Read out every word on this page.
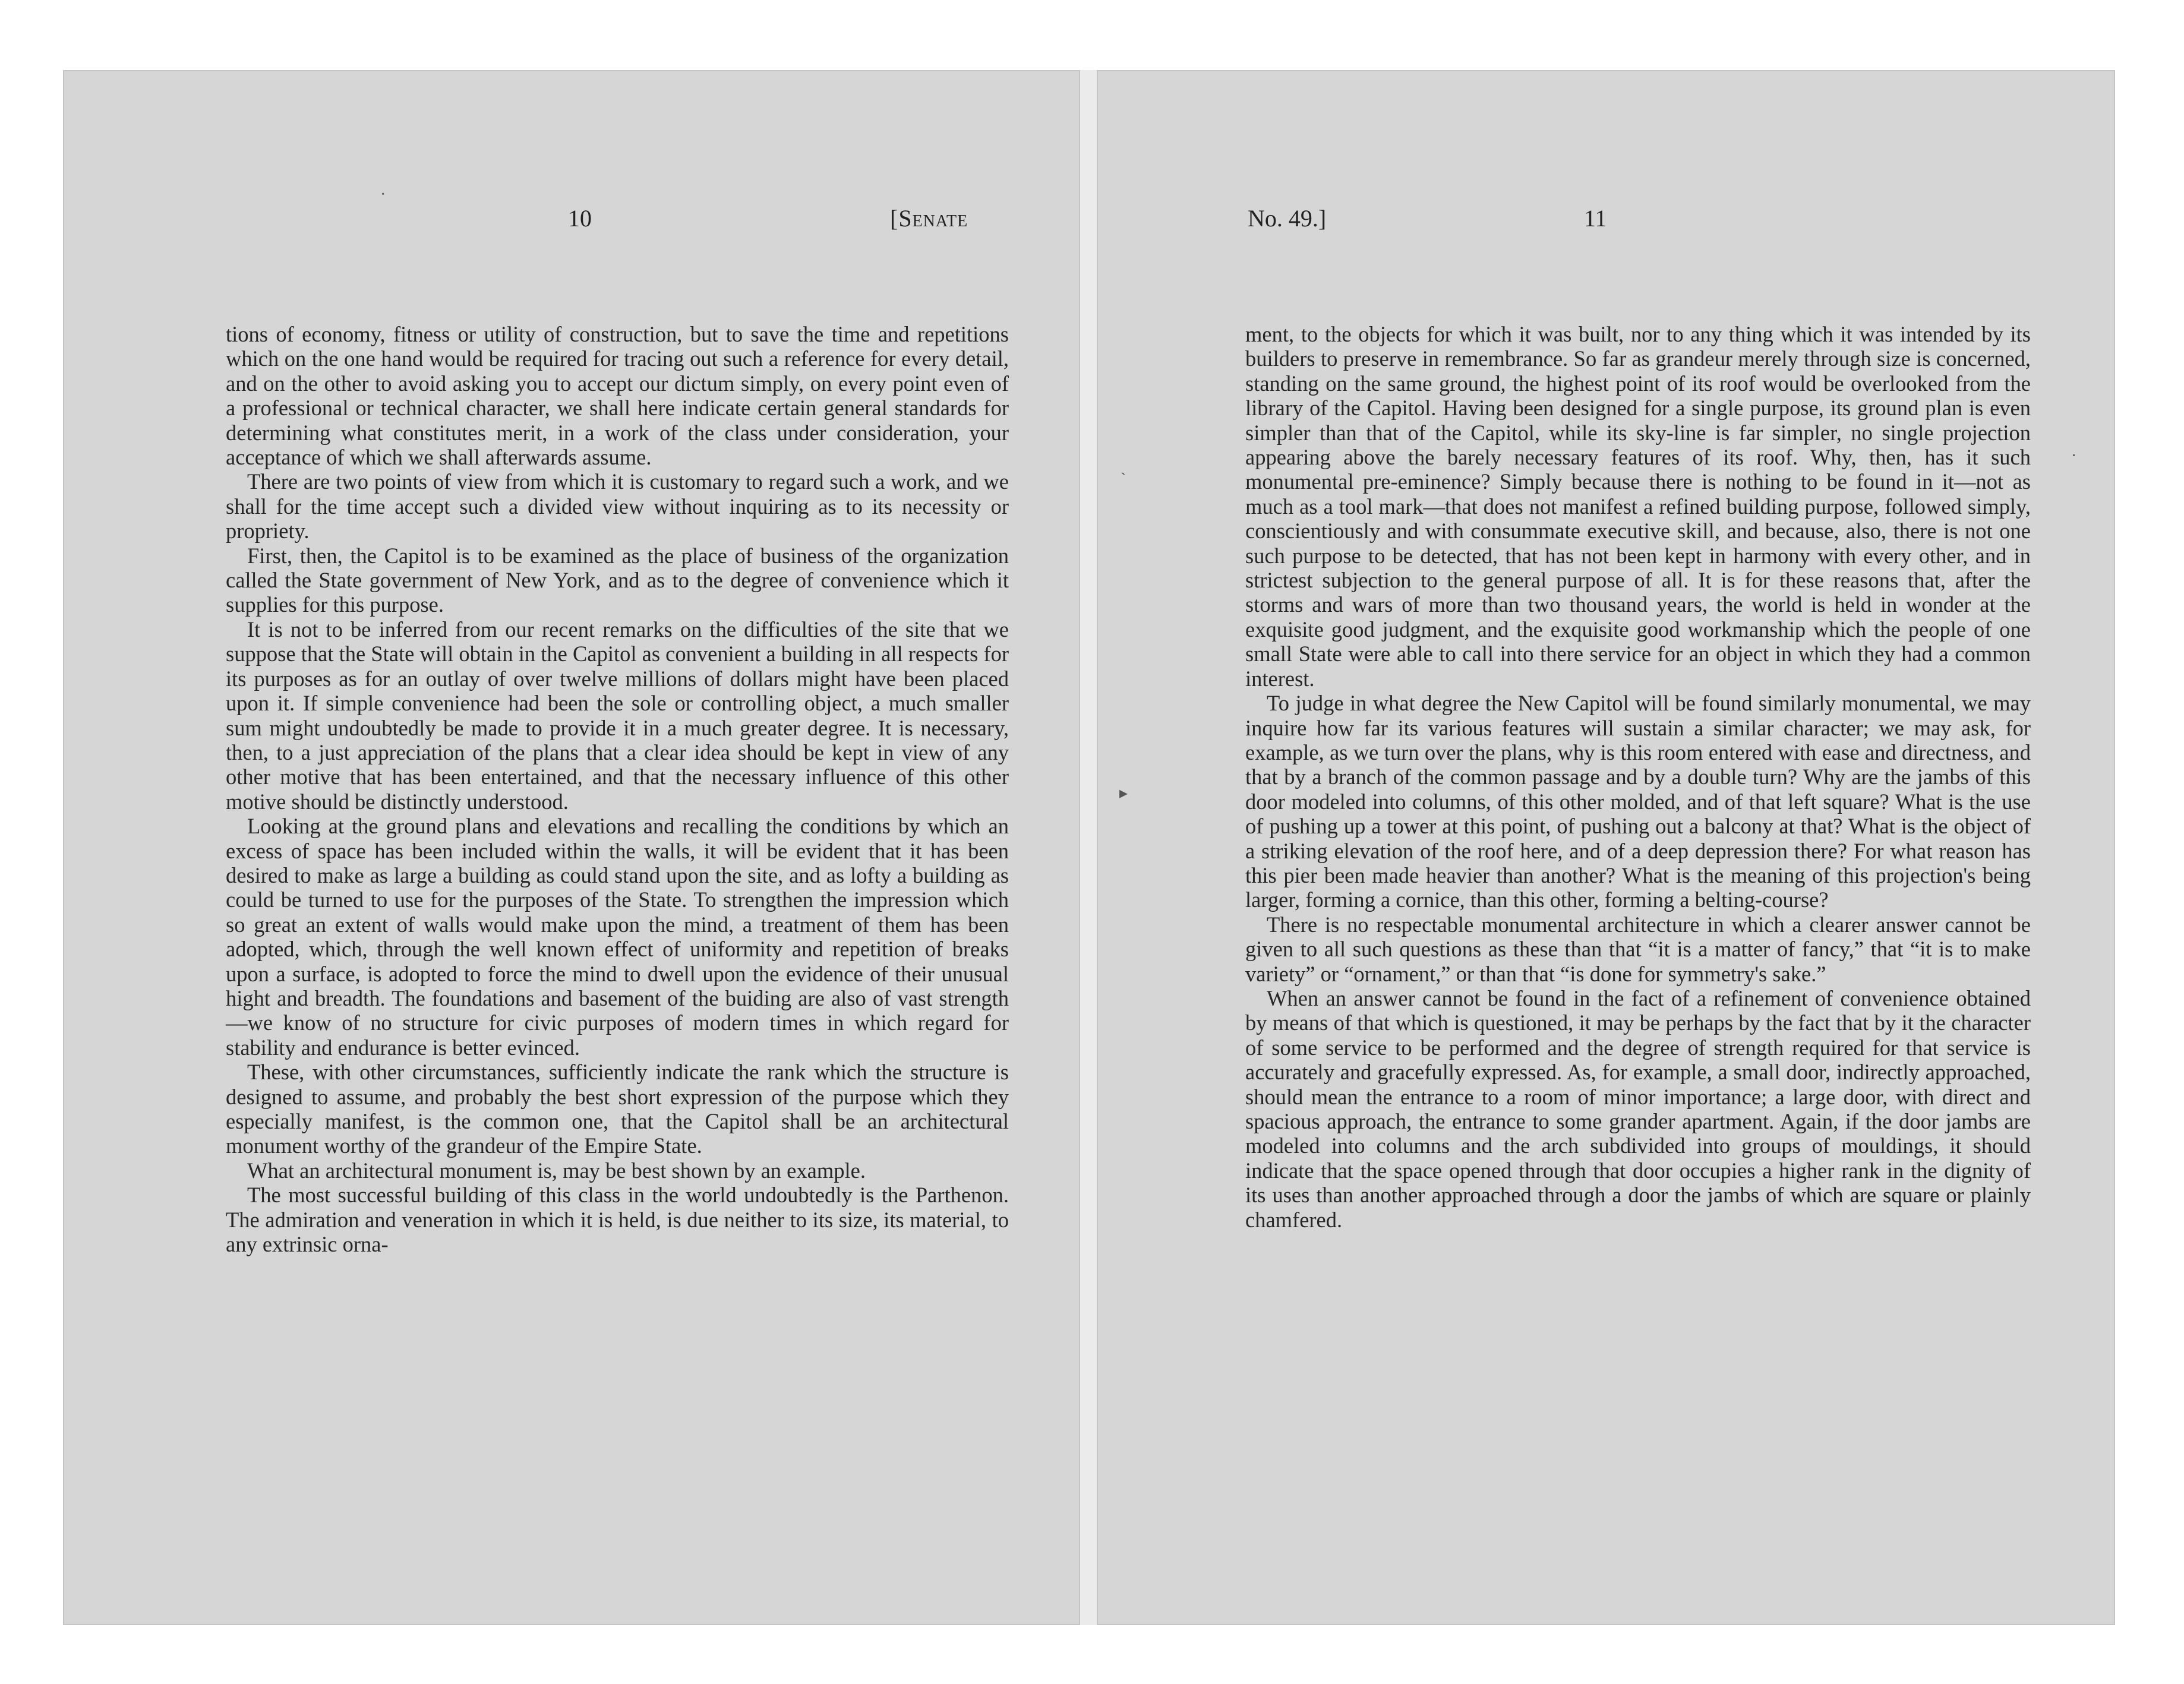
10	[Senate

tions of economy, fitness or utility of construction, but to save the time and repetitions which on the one hand would be required for tracing out such a reference for every detail, and on the other to avoid asking you to accept our dictum simply, on every point even of a professional or technical character, we shall here indicate certain general standards for determining what constitutes merit, in a work of the class under consideration, your acceptance of which we shall afterwards assume.

There are two points of view from which it is customary to regard such a work, and we shall for the time accept such a divided view without inquiring as to its necessity or propriety.

First, then, the Capitol is to be examined as the place of business of the organization called the State government of New York, and as to the degree of convenience which it supplies for this purpose.

It is not to be inferred from our recent remarks on the difficulties of the site that we suppose that the State will obtain in the Capitol as convenient a building in all respects for its purposes as for an outlay of over twelve millions of dollars might have been placed upon it. If simple convenience had been the sole or controlling object, a much smaller sum might undoubtedly be made to provide it in a much greater degree. It is necessary, then, to a just appreciation of the plans that a clear idea should be kept in view of any other motive that has been entertained, and that the necessary influence of this other motive should be distinctly understood.

Looking at the ground plans and elevations and recalling the conditions by which an excess of space has been included within the walls, it will be evident that it has been desired to make as large a building as could stand upon the site, and as lofty a building as could be turned to use for the purposes of the State. To strengthen the impression which so great an extent of walls would make upon the mind, a treatment of them has been adopted, which, through the well known effect of uniformity and repetition of breaks upon a surface, is adopted to force the mind to dwell upon the evidence of their unusual hight and breadth. The foundations and basement of the buiding are also of vast strength—we know of no structure for civic purposes of modern times in which regard for stability and endurance is better evinced.

These, with other circumstances, sufficiently indicate the rank which the structure is designed to assume, and probably the best short expression of the purpose which they especially manifest, is the common one, that the Capitol shall be an architectural monument worthy of the grandeur of the Empire State.

What an architectural monument is, may be best shown by an example.

The most successful building of this class in the world undoubtedly is the Parthenon. The admiration and veneration in which it is held, is due neither to its size, its material, to any extrinsic orna-

·
No. 49.]	11

ment, to the objects for which it was built, nor to any thing which it was intended by its builders to preserve in remembrance. So far as grandeur merely through size is concerned, standing on the same ground, the highest point of its roof would be overlooked from the library of the Capitol. Having been designed for a single purpose, its ground plan is even simpler than that of the Capitol, while its sky-line is far simpler, no single projection appearing above the barely necessary features of its roof. Why, then, has it such monumental pre-eminence? Simply because there is nothing to be found in it—not as much as a tool mark—that does not manifest a refined building purpose, followed simply, conscientiously and with consummate executive skill, and because, also, there is not one such purpose to be detected, that has not been kept in harmony with every other, and in strictest subjection to the general purpose of all. It is for these reasons that, after the storms and wars of more than two thousand years, the world is held in wonder at the exquisite good judgment, and the exquisite good workmanship which the people of one small State were able to call into there service for an object in which they had a common interest.

To judge in what degree the New Capitol will be found similarly monumental, we may inquire how far its various features will sustain a similar character; we may ask, for example, as we turn over the plans, why is this room entered with ease and directness, and that by a branch of the common passage and by a double turn? Why are the jambs of this door modeled into columns, of this other molded, and of that left square? What is the use of pushing up a tower at this point, of pushing out a balcony at that? What is the object of a striking elevation of the roof here, and of a deep depression there? For what reason has this pier been made heavier than another? What is the meaning of this projection's being larger, forming a cornice, than this other, forming a belting-course?

There is no respectable monumental architecture in which a clearer answer cannot be given to all such questions as these than that “it is a matter of fancy,” that “it is to make variety” or “ornament,” or than that “is done for symmetry's sake.”

When an answer cannot be found in the fact of a refinement of convenience obtained by means of that which is questioned, it may be perhaps by the fact that by it the character of some service to be performed and the degree of strength required for that service is accurately and gracefully expressed. As, for example, a small door, indirectly approached, should mean the entrance to a room of minor importance; a large door, with direct and spacious approach, the entrance to some grander apartment. Again, if the door jambs are modeled into columns and the arch subdivided into groups of mouldings, it should indicate that the space opened through that door occupies a higher rank in the dignity of its uses than another approached through a door the jambs of which are square or plainly chamfered.

ˎ
▸
·
